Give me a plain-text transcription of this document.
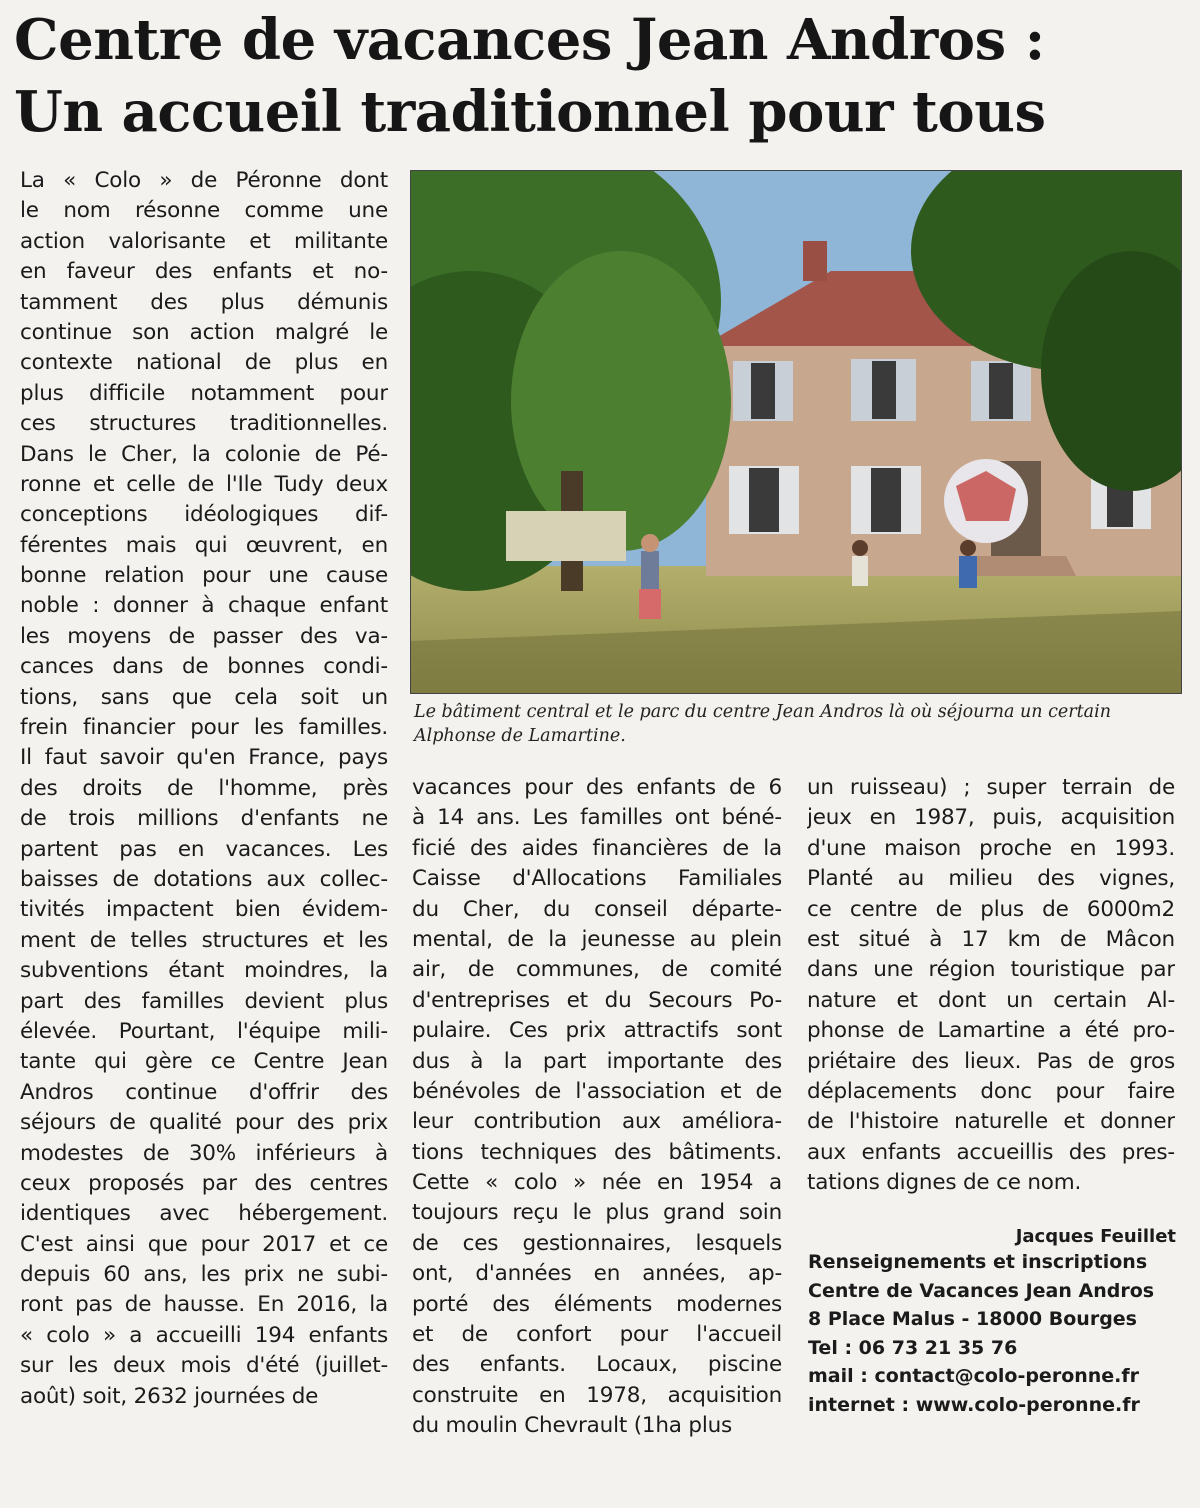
Centre de vacances Jean Andros :
Un accueil traditionnel pour tous
La « Colo » de Péronne dont
le nom résonne comme une
action valorisante et militante
en faveur des enfants et no-
tamment des plus démunis
continue son action malgré le
contexte national de plus en
plus difficile notamment pour
ces structures traditionnelles.
Dans le Cher, la colonie de Pé-
ronne et celle de l'Ile Tudy deux
conceptions idéologiques dif-
férentes mais qui œuvrent, en
bonne relation pour une cause
noble : donner à chaque enfant
les moyens de passer des va-
cances dans de bonnes condi-
tions, sans que cela soit un
frein financier pour les familles.
Il faut savoir qu'en France, pays
des droits de l'homme, près
de trois millions d'enfants ne
partent pas en vacances. Les
baisses de dotations aux collec-
tivités impactent bien évidem-
ment de telles structures et les
subventions étant moindres, la
part des familles devient plus
élevée. Pourtant, l'équipe mili-
tante qui gère ce Centre Jean
Andros continue d'offrir des
séjours de qualité pour des prix
modestes de 30% inférieurs à
ceux proposés par des centres
identiques avec hébergement.
C'est ainsi que pour 2017 et ce
depuis 60 ans, les prix ne subi-
ront pas de hausse. En 2016, la
« colo » a accueilli 194 enfants
sur les deux mois d'été (juillet-
août) soit, 2632 journées de
Le bâtiment central et le parc du centre Jean Andros là où séjourna un certain Alphonse de Lamartine.
vacances pour des enfants de 6
à 14 ans. Les familles ont béné-
ficié des aides financières de la
Caisse d'Allocations Familiales
du Cher, du conseil départe-
mental, de la jeunesse au plein
air, de communes, de comité
d'entreprises et du Secours Po-
pulaire. Ces prix attractifs sont
dus à la part importante des
bénévoles de l'association et de
leur contribution aux améliora-
tions techniques des bâtiments.
Cette « colo » née en 1954 a
toujours reçu le plus grand soin
de ces gestionnaires, lesquels
ont, d'années en années, ap-
porté des éléments modernes
et de confort pour l'accueil
des enfants. Locaux, piscine
construite en 1978, acquisition
du moulin Chevrault (1ha plus
un ruisseau) ; super terrain de
jeux en 1987, puis, acquisition
d'une maison proche en 1993.
Planté au milieu des vignes,
ce centre de plus de 6000m2
est situé à 17 km de Mâcon
dans une région touristique par
nature et dont un certain Al-
phonse de Lamartine a été pro-
priétaire des lieux. Pas de gros
déplacements donc pour faire
de l'histoire naturelle et donner
aux enfants accueillis des pres-
tations dignes de ce nom.
Jacques Feuillet
Renseignements et inscriptions
Centre de Vacances Jean Andros
8 Place Malus - 18000 Bourges
Tel : 06 73 21 35 76
mail : contact@colo-peronne.fr
internet : www.colo-peronne.fr
